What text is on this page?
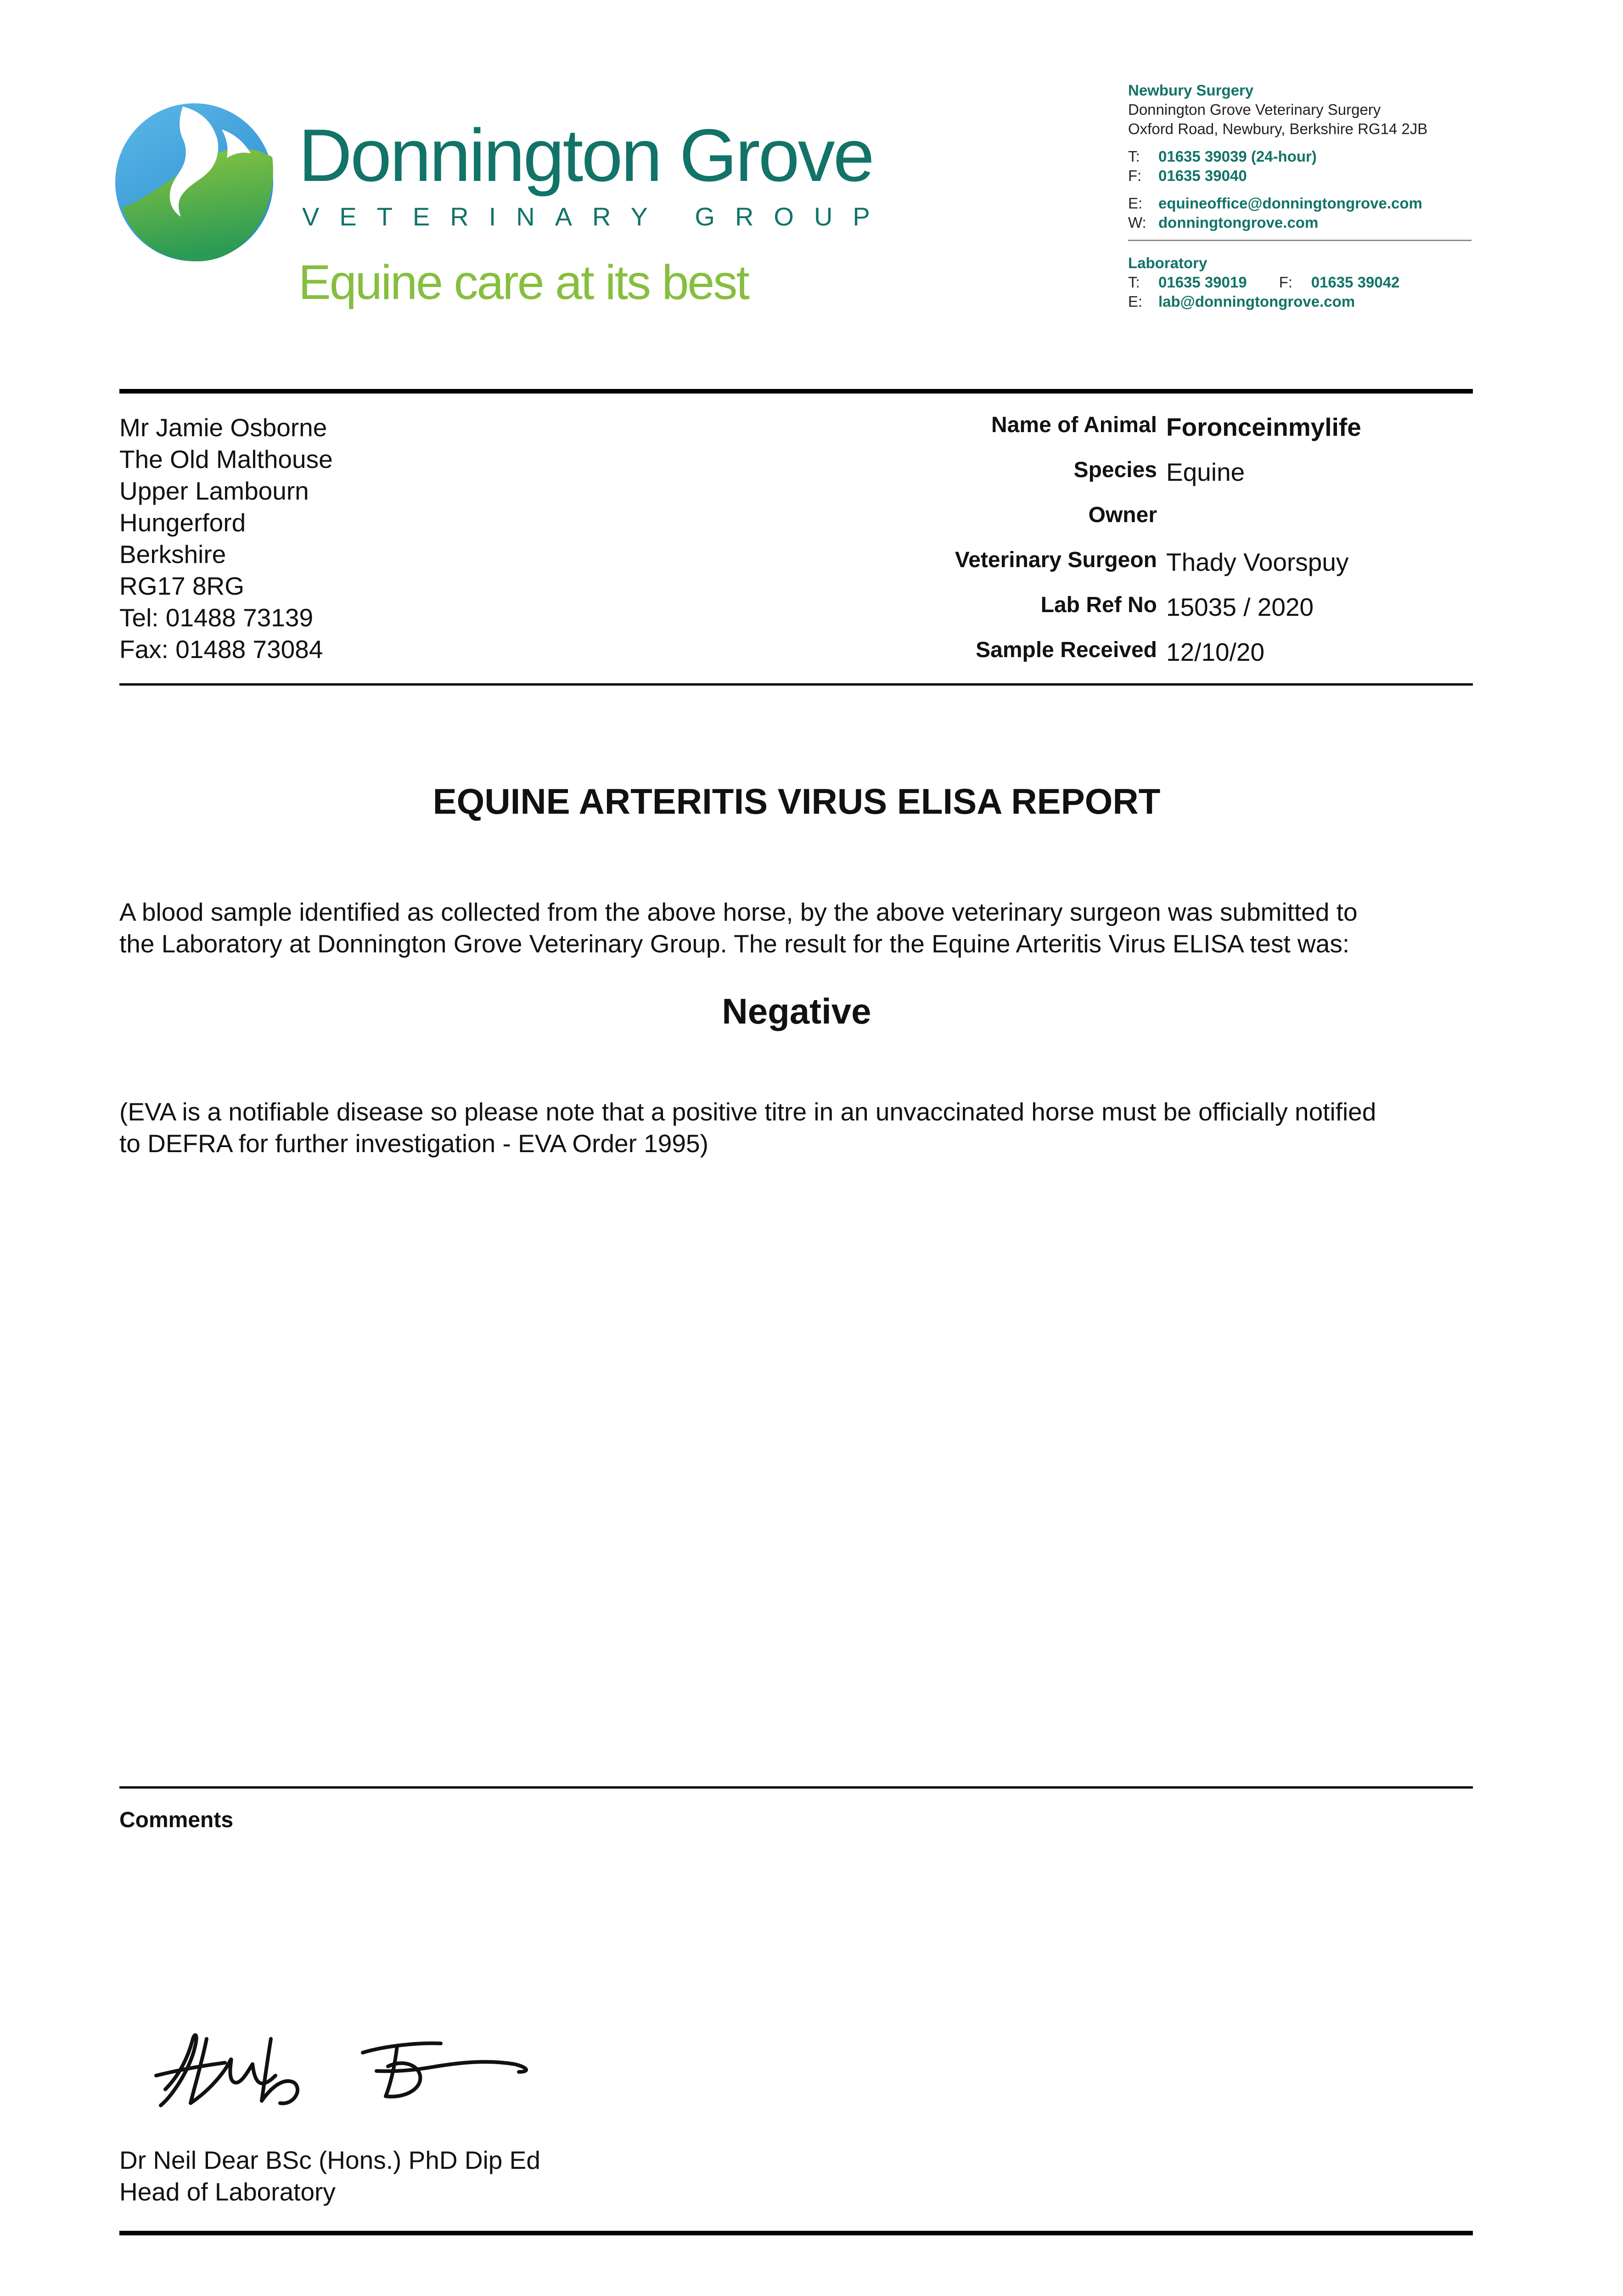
Donnington Grove
VETERINARY GROUP
Equine care at its best
Newbury Surgery
Donnington Grove Veterinary Surgery
Oxford Road, Newbury, Berkshire RG14 2JB
T: 01635 39039 (24-hour)
F: 01635 39040
E: equineoffice@donningtongrove.com
W: donningtongrove.com
Laboratory
T: 01635 39019 F: 01635 39042
E: lab@donningtongrove.com
Mr Jamie Osborne
The Old Malthouse
Upper Lambourn
Hungerford
Berkshire
RG17 8RG
Tel: 01488 73139
Fax: 01488 73084
Name of Animal Foronceinmylife
Species Equine
Owner
Veterinary Surgeon Thady Voorspuy
Lab Ref No 15035 / 2020
Sample Received 12/10/20
EQUINE ARTERITIS VIRUS ELISA REPORT
A blood sample identified as collected from the above horse, by the above veterinary surgeon was submitted to
the Laboratory at Donnington Grove Veterinary Group. The result for the Equine Arteritis Virus ELISA test was:
Negative
(EVA is a notifiable disease so please note that a positive titre in an unvaccinated horse must be officially notified
to DEFRA for further investigation - EVA Order 1995)
Comments
Dr Neil Dear BSc (Hons.) PhD Dip Ed
Head of Laboratory
